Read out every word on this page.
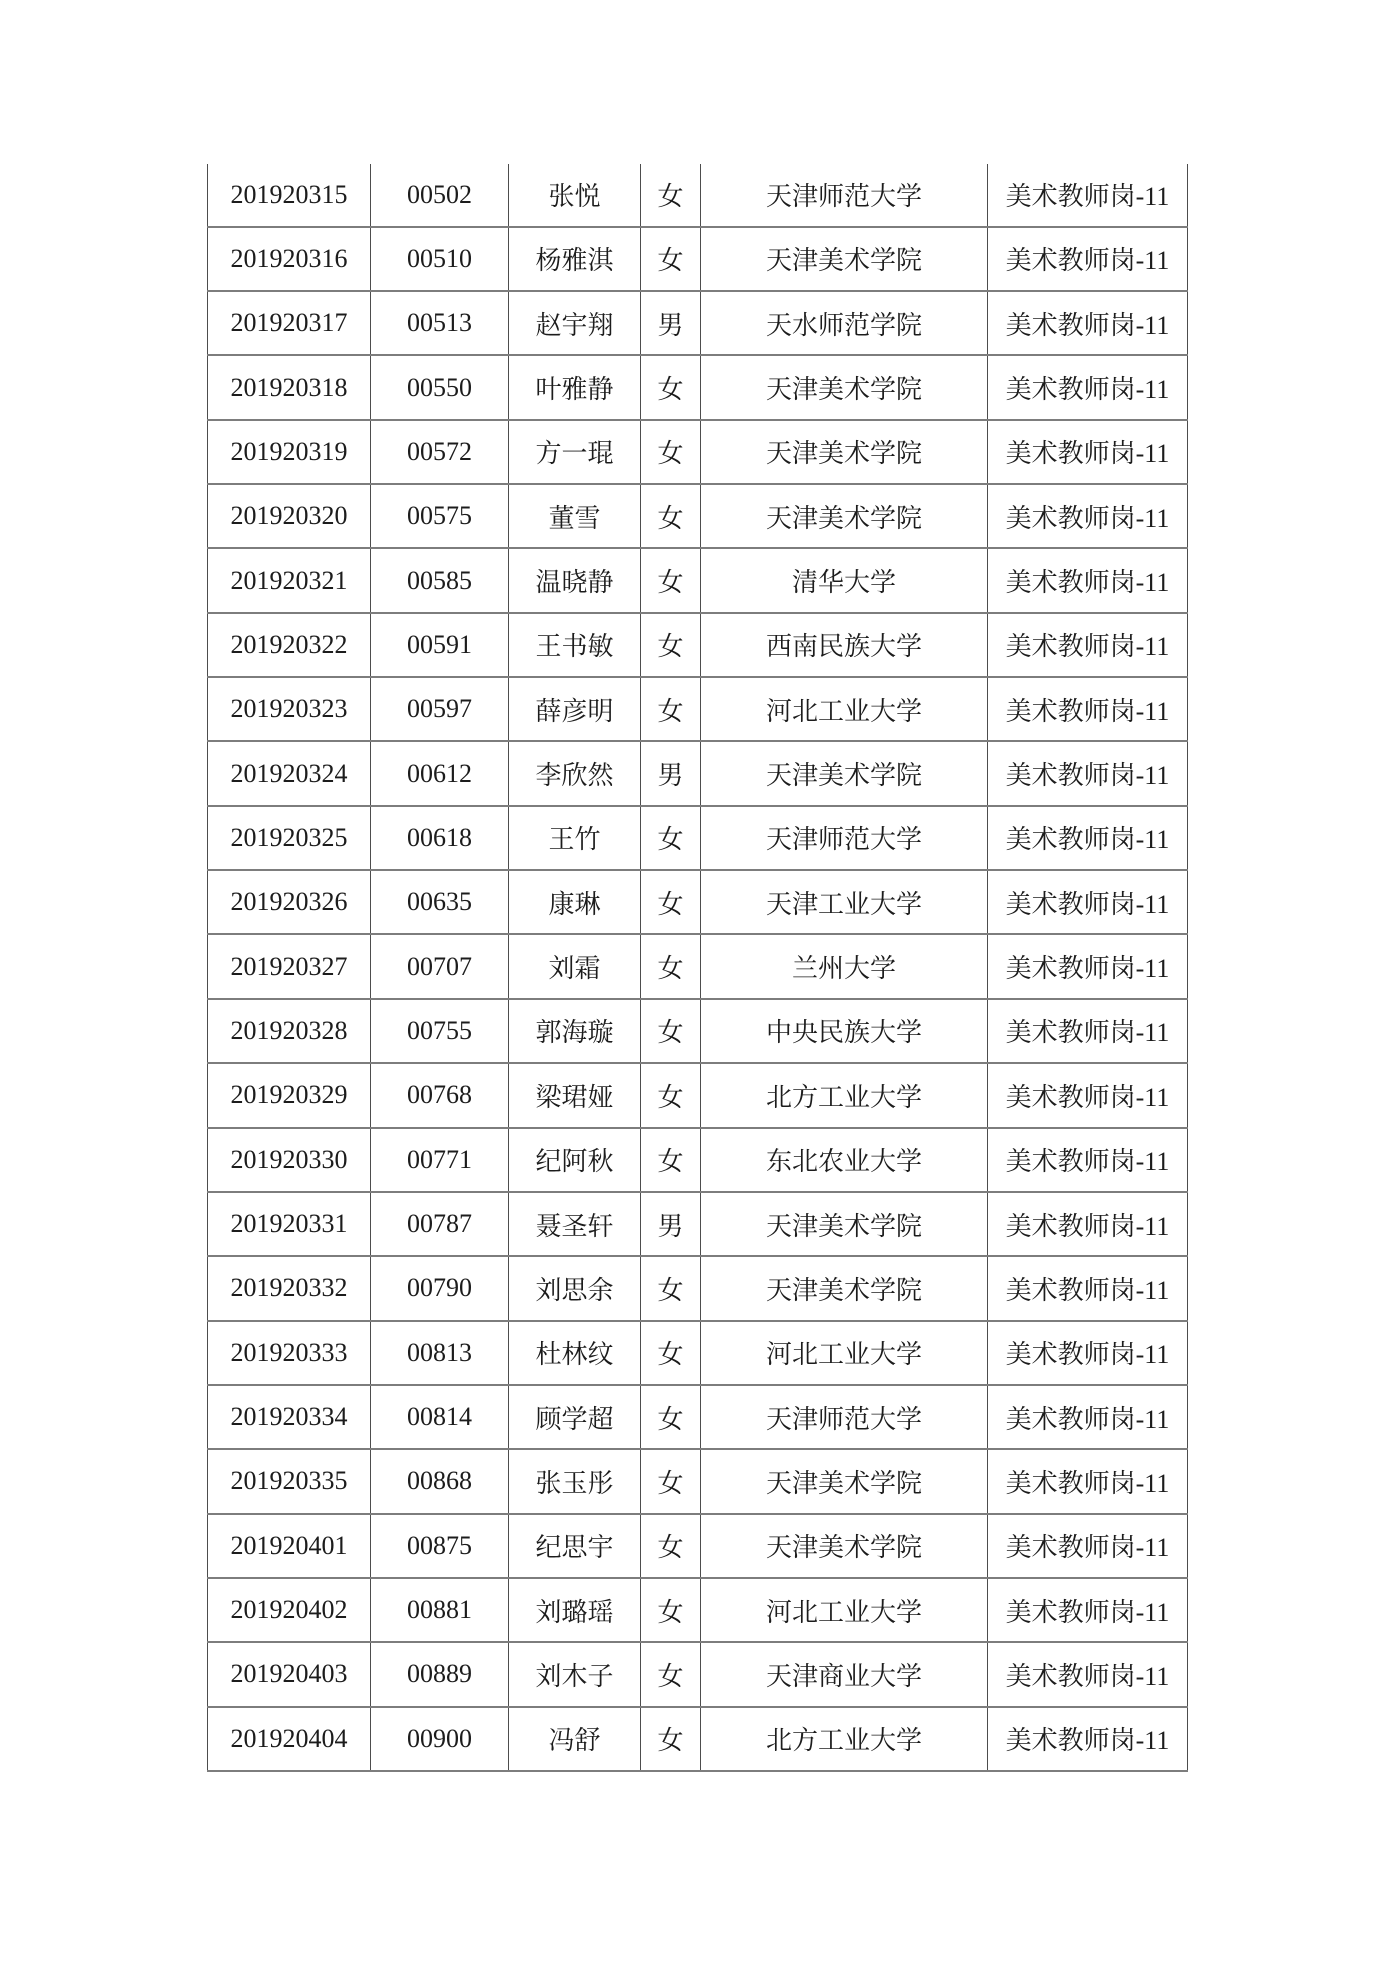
201920315	00502	张悦	女	天津师范大学	美术教师岗-11
201920316	00510	杨雅淇	女	天津美术学院	美术教师岗-11
201920317	00513	赵宇翔	男	天水师范学院	美术教师岗-11
201920318	00550	叶雅静	女	天津美术学院	美术教师岗-11
201920319	00572	方一琨	女	天津美术学院	美术教师岗-11
201920320	00575	董雪	女	天津美术学院	美术教师岗-11
201920321	00585	温晓静	女	清华大学	美术教师岗-11
201920322	00591	王书敏	女	西南民族大学	美术教师岗-11
201920323	00597	薛彦明	女	河北工业大学	美术教师岗-11
201920324	00612	李欣然	男	天津美术学院	美术教师岗-11
201920325	00618	王竹	女	天津师范大学	美术教师岗-11
201920326	00635	康琳	女	天津工业大学	美术教师岗-11
201920327	00707	刘霜	女	兰州大学	美术教师岗-11
201920328	00755	郭海璇	女	中央民族大学	美术教师岗-11
201920329	00768	梁珺娅	女	北方工业大学	美术教师岗-11
201920330	00771	纪阿秋	女	东北农业大学	美术教师岗-11
201920331	00787	聂圣轩	男	天津美术学院	美术教师岗-11
201920332	00790	刘思余	女	天津美术学院	美术教师岗-11
201920333	00813	杜林纹	女	河北工业大学	美术教师岗-11
201920334	00814	顾学超	女	天津师范大学	美术教师岗-11
201920335	00868	张玉彤	女	天津美术学院	美术教师岗-11
201920401	00875	纪思宇	女	天津美术学院	美术教师岗-11
201920402	00881	刘璐瑶	女	河北工业大学	美术教师岗-11
201920403	00889	刘木子	女	天津商业大学	美术教师岗-11
201920404	00900	冯舒	女	北方工业大学	美术教师岗-11
